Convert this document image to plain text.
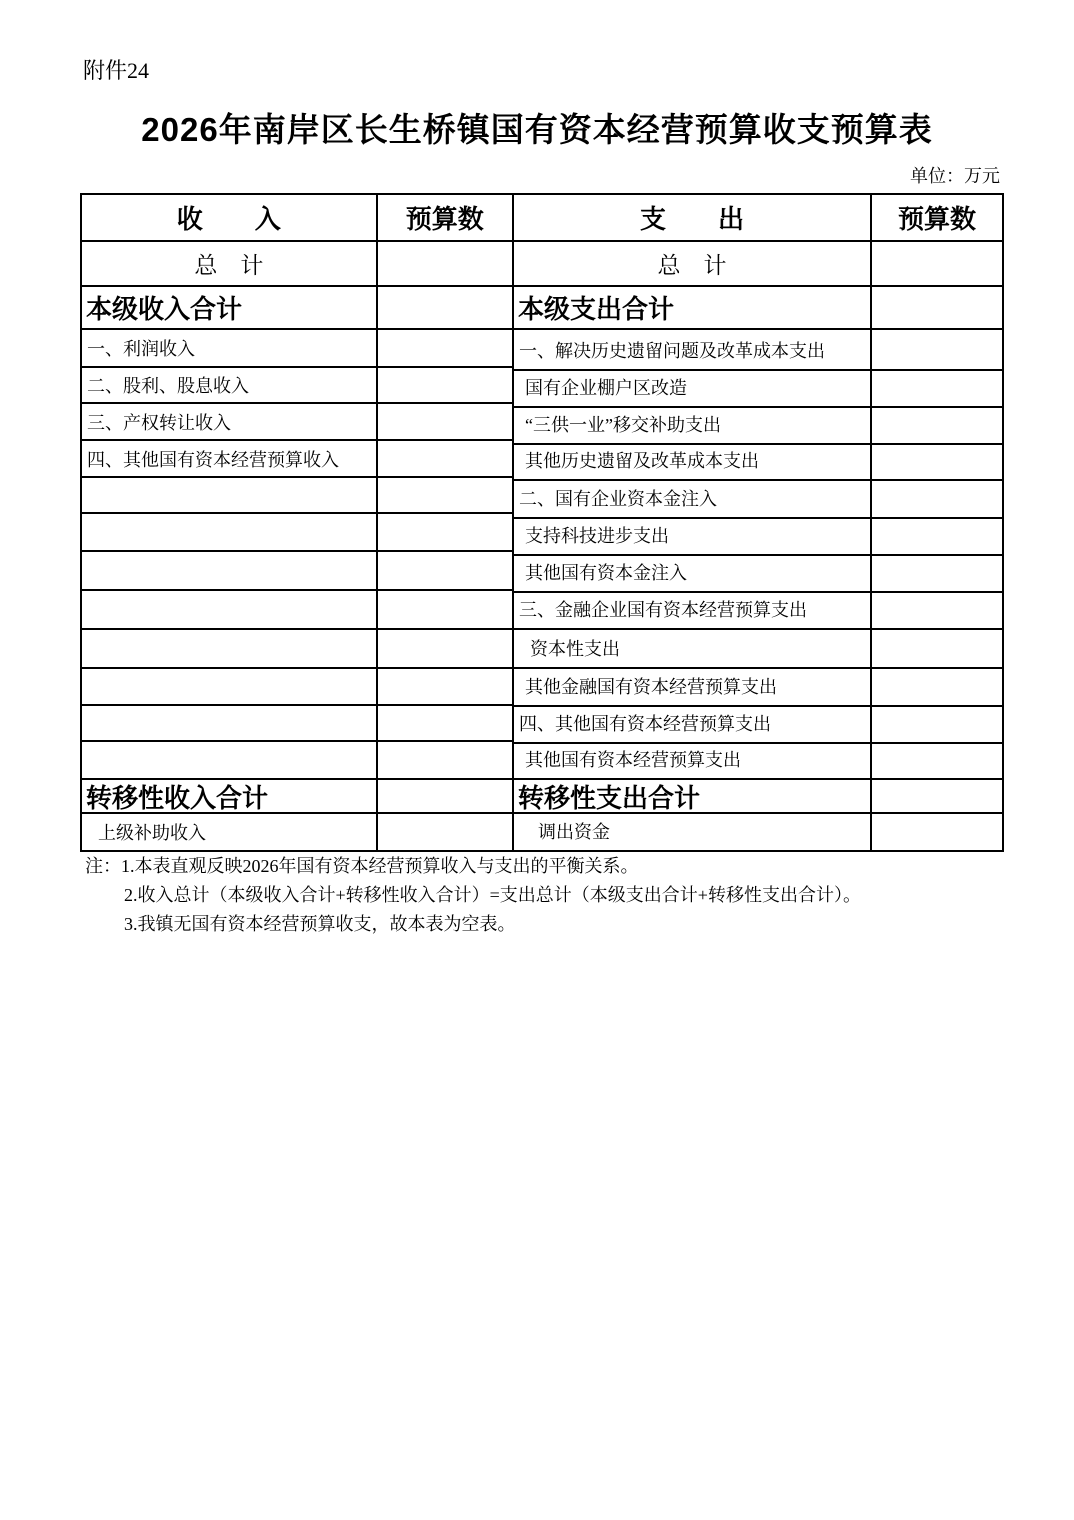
附件24
2026年南岸区长生桥镇国有资本经营预算收支预算表
单位：万元
收　　入	预算数
总　计
本级收入合计
一、利润收入
二、股利、股息收入
三、产权转让收入
四、其他国有资本经营预算收入
转移性收入合计
上级补助收入
支　　出	预算数
总　计
本级支出合计
一、解决历史遗留问题及改革成本支出
国有企业棚户区改造
“三供一业”移交补助支出
其他历史遗留及改革成本支出
二、国有企业资本金注入
支持科技进步支出
其他国有资本金注入
三、金融企业国有资本经营预算支出
资本性支出
其他金融国有资本经营预算支出
四、其他国有资本经营预算支出
其他国有资本经营预算支出
转移性支出合计
调出资金
注：1.本表直观反映2026年国有资本经营预算收入与支出的平衡关系。
2.收入总计（本级收入合计+转移性收入合计）=支出总计（本级支出合计+转移性支出合计）。
3.我镇无国有资本经营预算收支，故本表为空表。
